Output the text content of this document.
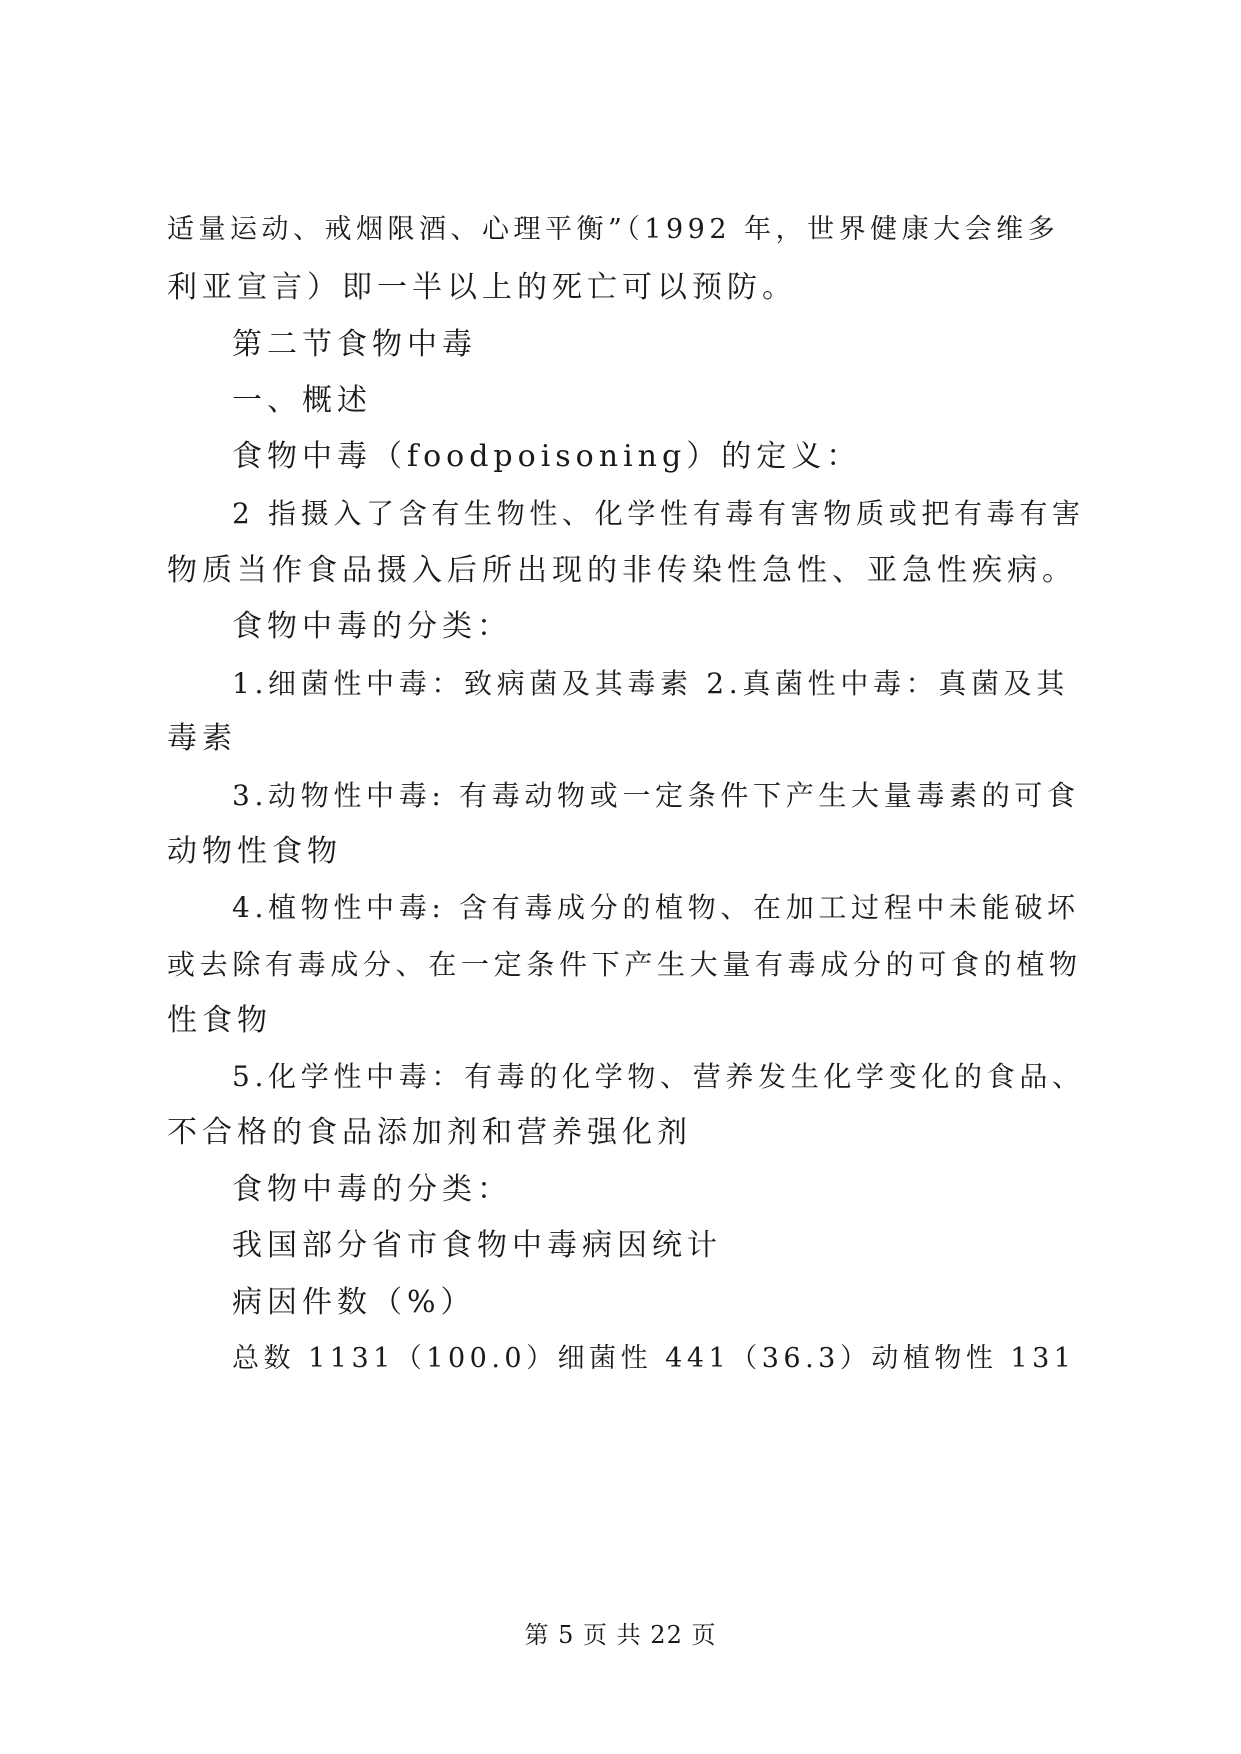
适量运动、戒烟限酒、心理平衡”（1992 年，世界健康大会维多
利亚宣言）即一半以上的死亡可以预防。
第二节食物中毒
一、概述
食物中毒（foodpoisoning）的定义：
2 指摄入了含有生物性、化学性有毒有害物质或把有毒有害
物质当作食品摄入后所出现的非传染性急性、亚急性疾病。
食物中毒的分类：
1.细菌性中毒：致病菌及其毒素 2.真菌性中毒：真菌及其
毒素
3.动物性中毒: 有毒动物或一定条件下产生大量毒素的可食
动物性食物
4.植物性中毒: 含有毒成分的植物、在加工过程中未能破坏
或去除有毒成分、在一定条件下产生大量有毒成分的可食的植物
性食物
5.化学性中毒：有毒的化学物、营养发生化学变化的食品、
不合格的食品添加剂和营养强化剂
食物中毒的分类：
我国部分省市食物中毒病因统计
病因件数（%）
总数 1131（100.0）细菌性 441（36.3）动植物性 131
第 5 页 共 22 页
